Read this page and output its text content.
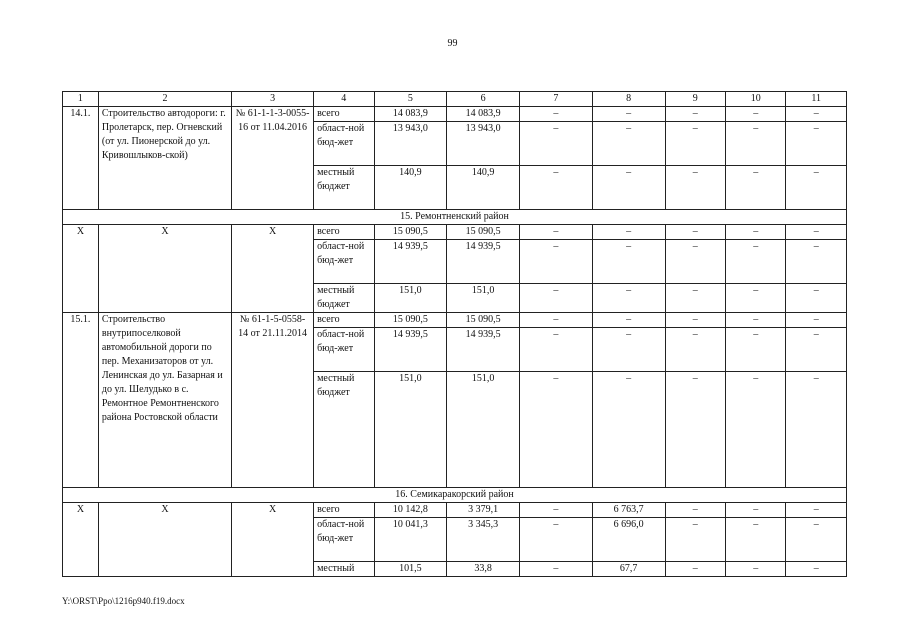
99
1	2	3	4	5	6	7	8	9	10	11
14.1.	Строительство автодороги: г. Пролетарск, пер. Огневский (от ул. Пионерской до ул. Кривошлыков-ской)	№ 61-1-1-3-0055-16 от 11.04.2016	всего	14 083,9	14 083,9	–	–	–	–	–
			област-ной бюд-жет	13 943,0	13 943,0	–	–	–	–	–
			местный бюджет	140,9	140,9	–	–	–	–	–
15. Ремонтненский район										
Х	Х	Х	всего	15 090,5	15 090,5	–	–	–	–	–
			област-ной бюд-жет	14 939,5	14 939,5	–	–	–	–	–
			местный бюджет	151,0	151,0	–	–	–	–	–
15.1.	Строительство внутрипоселковой автомобильной дороги по пер. Механизаторов от ул. Ленинская до ул. Базарная и до ул. Шелудько в с. Ремонтное Ремонтненского района Ростовской области	№ 61-1-5-0558-14 от 21.11.2014	всего	15 090,5	15 090,5	–	–	–	–	–
			област-ной бюд-жет	14 939,5	14 939,5	–	–	–	–	–
			местный бюджет	151,0	151,0	–	–	–	–	–
16. Семикаракорский район										
Х	Х	Х	всего	10 142,8	3 379,1	–	6 763,7	–	–	–
			област-ной бюд-жет	10 041,3	3 345,3	–	6 696,0	–	–	–
			местный	101,5	33,8	–	67,7	–	–	–
Y:\ORST\Ppo\1216p940.f19.docx
